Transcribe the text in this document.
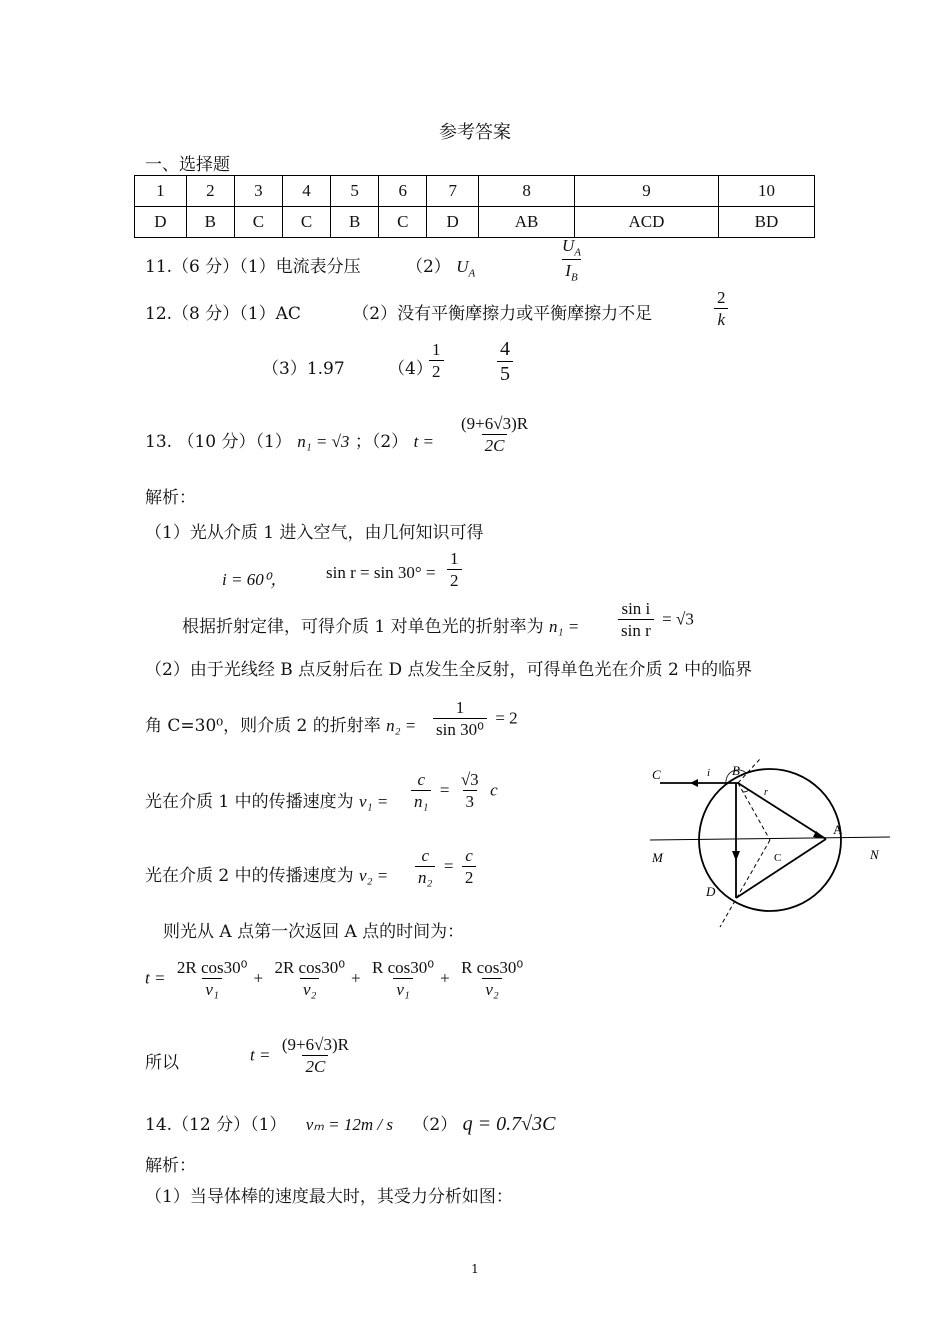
参考答案
一、选择题
1	2	3	4	5	6	7	8	9	10
D	B	C	C	B	C	D	AB	ACD	BD
11.（6 分）（1）电流表分压	（2） $U_A$	$\frac{U_A}{I_B}$
12.（8 分）（1）AC	（2）没有平衡摩擦力或平衡摩擦力不足	$\frac{2}{k}$
（3）1.97	（4）
$\frac{1}{2}$	$\frac{4}{5}$
13. （10 分）（1） n₁ = √3 ；（2） $t = \frac{(9+6√3)R}{2C}$
解析：
（1）光从介质 1 进入空气，由几何知识可得
i = 60⁰， $\sin r = \sin 30^\circ = \frac{1}{2}$
根据折射定律，可得介质 1 对单色光的折射率为 $n_1 = \frac{\text{sin i}}{\text{sin r}} = √3$
（2）由于光线经 B 点反射后在 D 点发生全反射，可得单色光在介质 2 中的临界
角 C=30⁰，则介质 2 的折射率 $n_2 = \frac{1}{\text{sin 30⁰}} = 2$
光在介质 1 中的传播速度为 $v_1 = \frac{c}{\text{n₁}} = \frac{√3}{3}$ c
光在介质 2 中的传播速度为 $v_2 = \frac{c}{\text{n₂}} = \frac{c}{2}$
则光从 A 点第一次返回 A 点的时间为：
$t = \frac{\text{2R cos30⁰}}{\text{v₁}} + \frac{\text{2R cos30⁰}}{\text{v₂}} + \frac{\text{R cos30⁰}}{\text{v₁}} + \frac{\text{R cos30⁰}}{\text{v₂}}$
所以	$t = \frac{(9+6√3)R}{2C}$
C	i B
r
A
M	N
C
D
14.（12 分）（1） vₘ = 12m / s （2） q = 0.7√3C
解析：
（1）当导体棒的速度最大时，其受力分析如图：
1
